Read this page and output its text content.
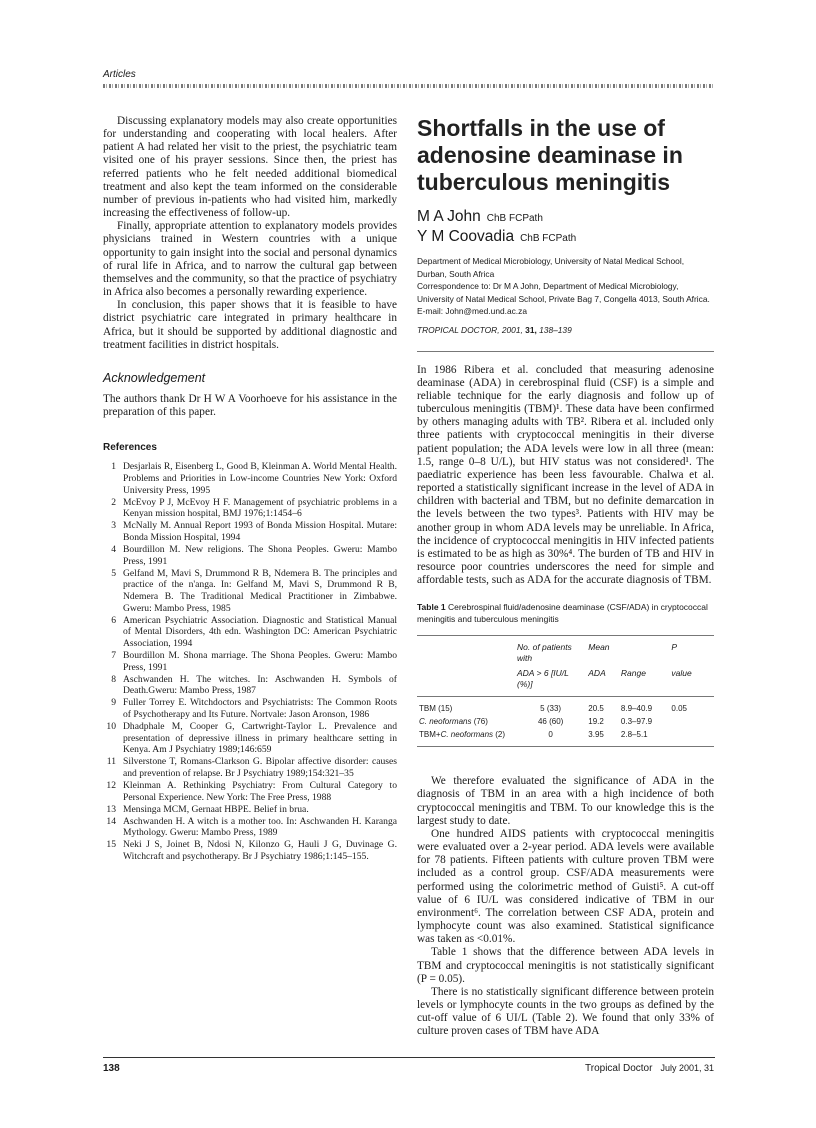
Articles

Discussing explanatory models may also create opportunities for understanding and cooperating with local healers. After patient A had related her visit to the priest, the psychiatric team visited one of his prayer sessions. Since then, the priest has referred patients who he felt needed additional biomedical treatment and also kept the team informed on the considerable number of previous in-patients who had visited him, markedly increasing the effectiveness of follow-up.

Finally, appropriate attention to explanatory models provides physicians trained in Western countries with a unique opportunity to gain insight into the social and personal dynamics of rural life in Africa, and to narrow the cultural gap between themselves and the community, so that the practice of psychiatry in Africa also becomes a personally rewarding experience.

In conclusion, this paper shows that it is feasible to have district psychiatric care integrated in primary healthcare in Africa, but it should be supported by additional diagnostic and treatment facilities in district hospitals.

Acknowledgement

The authors thank Dr H W A Voorhoeve for his assistance in the preparation of this paper.

References
1 Desjarlais R, Eisenberg L, Good B, Kleinman A. World Mental Health. Problems and Priorities in Low-income Countries New York: Oxford University Press, 1995
2 McEvoy P J, McEvoy H F. Management of psychiatric problems in a Kenyan mission hospital, BMJ 1976;1:1454–6
3 McNally M. Annual Report 1993 of Bonda Mission Hospital. Mutare: Bonda Mission Hospital, 1994
4 Bourdillon M. New religions. The Shona Peoples. Gweru: Mambo Press, 1991
5 Gelfand M, Mavi S, Drummond R B, Ndemera B. The principles and practice of the n'anga. In: Gelfand M, Mavi S, Drummond R B, Ndemera B. The Traditional Medical Practitioner in Zimbabwe. Gweru: Mambo Press, 1985
6 American Psychiatric Association. Diagnostic and Statistical Manual of Mental Disorders, 4th edn. Washington DC: American Psychiatric Association, 1994
7 Bourdillon M. Shona marriage. The Shona Peoples. Gweru: Mambo Press, 1991
8 Aschwanden H. The witches. In: Aschwanden H. Symbols of Death.Gweru: Mambo Press, 1987
9 Fuller Torrey E. Witchdoctors and Psychiatrists: The Common Roots of Psychotherapy and Its Future. Nortvale: Jason Aronson, 1986
10 Dhadphale M, Cooper G, Cartwright-Taylor L. Prevalence and presentation of depressive illness in primary healthcare setting in Kenya. Am J Psychiatry 1989;146:659
11 Silverstone T, Romans-Clarkson G. Bipolar affective disorder: causes and prevention of relapse. Br J Psychiatry 1989;154:321–35
12 Kleinman A. Rethinking Psychiatry: From Cultural Category to Personal Experience. New York: The Free Press, 1988
13 Mensinga MCM, Gernaat HBPE. Belief in brua.
14 Aschwanden H. A witch is a mother too. In: Aschwanden H. Karanga Mythology. Gweru: Mambo Press, 1989
15 Neki J S, Joinet B, Ndosi N, Kilonzo G, Hauli J G, Duvinage G. Witchcraft and psychotherapy. Br J Psychiatry 1986;1:145–155.
Shortfalls in the use of adenosine deaminase in tuberculous meningitis
M A John ChB FCPath
Y M Coovadia ChB FCPath
Department of Medical Microbiology, University of Natal Medical School, Durban, South Africa
Correspondence to: Dr M A John, Department of Medical Microbiology, University of Natal Medical School, Private Bag 7, Congella 4013, South Africa. E-mail: John@med.und.ac.za
TROPICAL DOCTOR, 2001, 31, 138–139

In 1986 Ribera et al. concluded that measuring adenosine deaminase (ADA) in cerebrospinal fluid (CSF) is a simple and reliable technique for the early diagnosis and follow up of tuberculous meningitis (TBM)¹. These data have been confirmed by others managing adults with TB². Ribera et al. included only three patients with cryptococcal meningitis in their diverse patient population; the ADA levels were low in all three (mean: 1.5, range 0–8 U/L), but HIV status was not considered¹. The paediatric experience has been less favourable. Chalwa et al. reported a statistically significant increase in the level of ADA in children with bacterial and TBM, but no definite demarcation in the levels between the two types³. Patients with HIV may be another group in whom ADA levels may be unreliable. In Africa, the incidence of cryptococcal meningitis in HIV infected patients is estimated to be as high as 30%⁴. The burden of TB and HIV in resource poor countries underscores the need for simple and affordable tests, such as ADA for the accurate diagnosis of TBM.

Table 1 Cerebrospinal fluid/adenosine deaminase (CSF/ADA) in cryptococcal meningitis and tuberculous meningitis
	No. of patients with	Mean		P
	ADA > 6 [IU/L (%)]	ADA	Range	value
TBM (15)	5 (33)	20.5	8.9–40.9	0.05
C. neoformans (76)	46 (60)	19.2	0.3–97.9	
TBM+C. neoformans (2)	0	3.95	2.8–5.1	

We therefore evaluated the significance of ADA in the diagnosis of TBM in an area with a high incidence of both cryptococcal meningitis and TBM. To our knowledge this is the largest study to date.

One hundred AIDS patients with cryptococcal meningitis were evaluated over a 2-year period. ADA levels were available for 78 patients. Fifteen patients with culture proven TBM were included as a control group. CSF/ADA measurements were performed using the colorimetric method of Guisti⁵. A cut-off value of 6 IU/L was considered indicative of TBM in our environment⁶. The correlation between CSF ADA, protein and lymphocyte count was also examined. Statistical significance was taken as <0.01%.

Table 1 shows that the difference between ADA levels in TBM and cryptococcal meningitis is not statistically significant (P = 0.05).

There is no statistically significant difference between protein levels or lymphocyte counts in the two groups as defined by the cut-off value of 6 UI/L (Table 2). We found that only 33% of culture proven cases of TBM have ADA

138	Tropical Doctor July 2001, 31
